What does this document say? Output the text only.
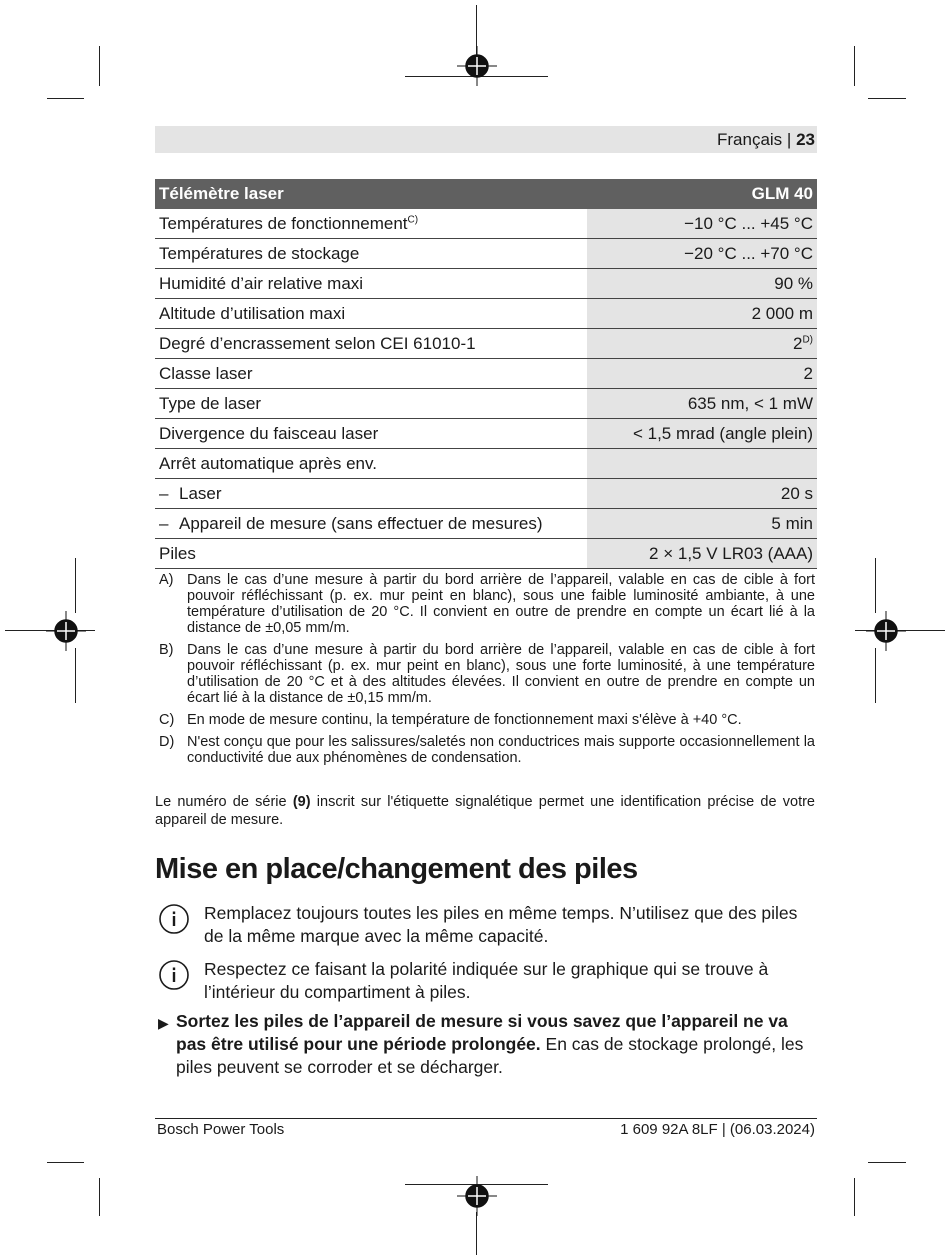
Français | 23
Télémètre laser	GLM 40
Températures de fonctionnement$^{C)}$	−10 °C ... +45 °C
Températures de stockage	−20 °C ... +70 °C
Humidité d’air relative maxi	90 %
Altitude d’utilisation maxi	2 000 m
Degré d’encrassement selon CEI 61010-1	$2^{D)}$
Classe laser	2
Type de laser	635 nm, < 1 mW
Divergence du faisceau laser	< 1,5 mrad (angle plein)
Arrêt automatique après env.	
– Laser	20 s
– Appareil de mesure (sans effectuer de mesures)	5 min
Piles	2 × 1,5 V LR03 (AAA)
A) Dans le cas d’une mesure à partir du bord arrière de l’appareil, valable en cas de cible à fort pouvoir réfléchissant (p. ex. mur peint en blanc), sous une faible luminosité ambiante, à une température d’utilisation de 20 °C. Il convient en outre de prendre en compte un écart lié à la distance de ±0,05 mm/m.
B) Dans le cas d’une mesure à partir du bord arrière de l’appareil, valable en cas de cible à fort pouvoir réfléchissant (p. ex. mur peint en blanc), sous une forte luminosité, à une température d’utilisation de 20 °C et à des altitudes élevées. Il convient en outre de prendre en compte un écart lié à la distance de ±0,15 mm/m.
C) En mode de mesure continu, la température de fonctionnement maxi s'élève à +40 °C.
D) N'est conçu que pour les salissures/saletés non conductrices mais supporte occasionnellement la conductivité due aux phénomènes de condensation.
Le numéro de série (9) inscrit sur l'étiquette signalétique permet une identification précise de votre appareil de mesure.
Mise en place/changement des piles
Remplacez toujours toutes les piles en même temps. N’utilisez que des piles de la même marque avec la même capacité.
Respectez ce faisant la polarité indiquée sur le graphique qui se trouve à l’intérieur du compartiment à piles.
▶ Sortez les piles de l’appareil de mesure si vous savez que l’appareil ne va pas être utilisé pour une période prolongée. En cas de stockage prolongé, les piles peuvent se corroder et se décharger.
Bosch Power Tools	1 609 92A 8LF | (06.03.2024)
